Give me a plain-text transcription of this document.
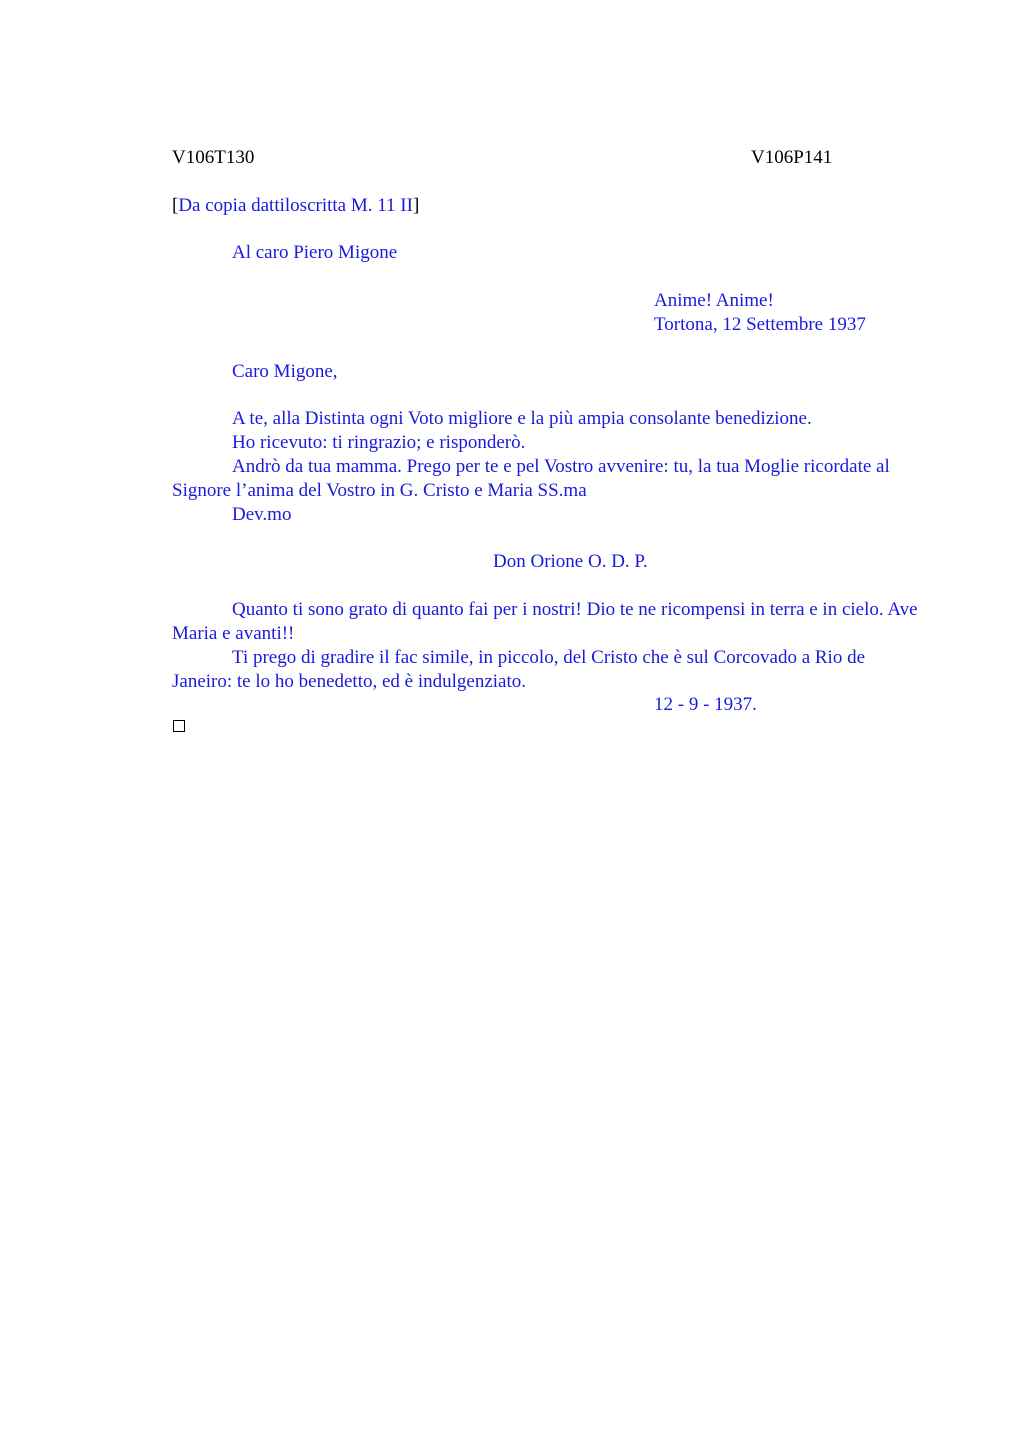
V106T130	V106P141
[Da copia dattiloscritta M. 11 II]
Al caro Piero Migone
Anime! Anime!
Tortona, 12 Settembre 1937
Caro Migone,
A te, alla Distinta ogni Voto migliore e la più ampia consolante benedizione.
Ho ricevuto: ti ringrazio; e risponderò.

Andrò da tua mamma. Prego per te e pel Vostro avvenire: tu, la tua Moglie ricordate al Signore l’anima del Vostro in G. Cristo e Maria SS.ma

Dev.mo
Don Orione O. D. P.

Quanto ti sono grato di quanto fai per i nostri! Dio te ne ricompensi in terra e in cielo. Ave Maria e avanti!!

Ti prego di gradire il fac simile, in piccolo, del Cristo che è sul Corcovado a Rio de Janeiro: te lo ho benedetto, ed è indulgenziato.

12 - 9 - 1937.
